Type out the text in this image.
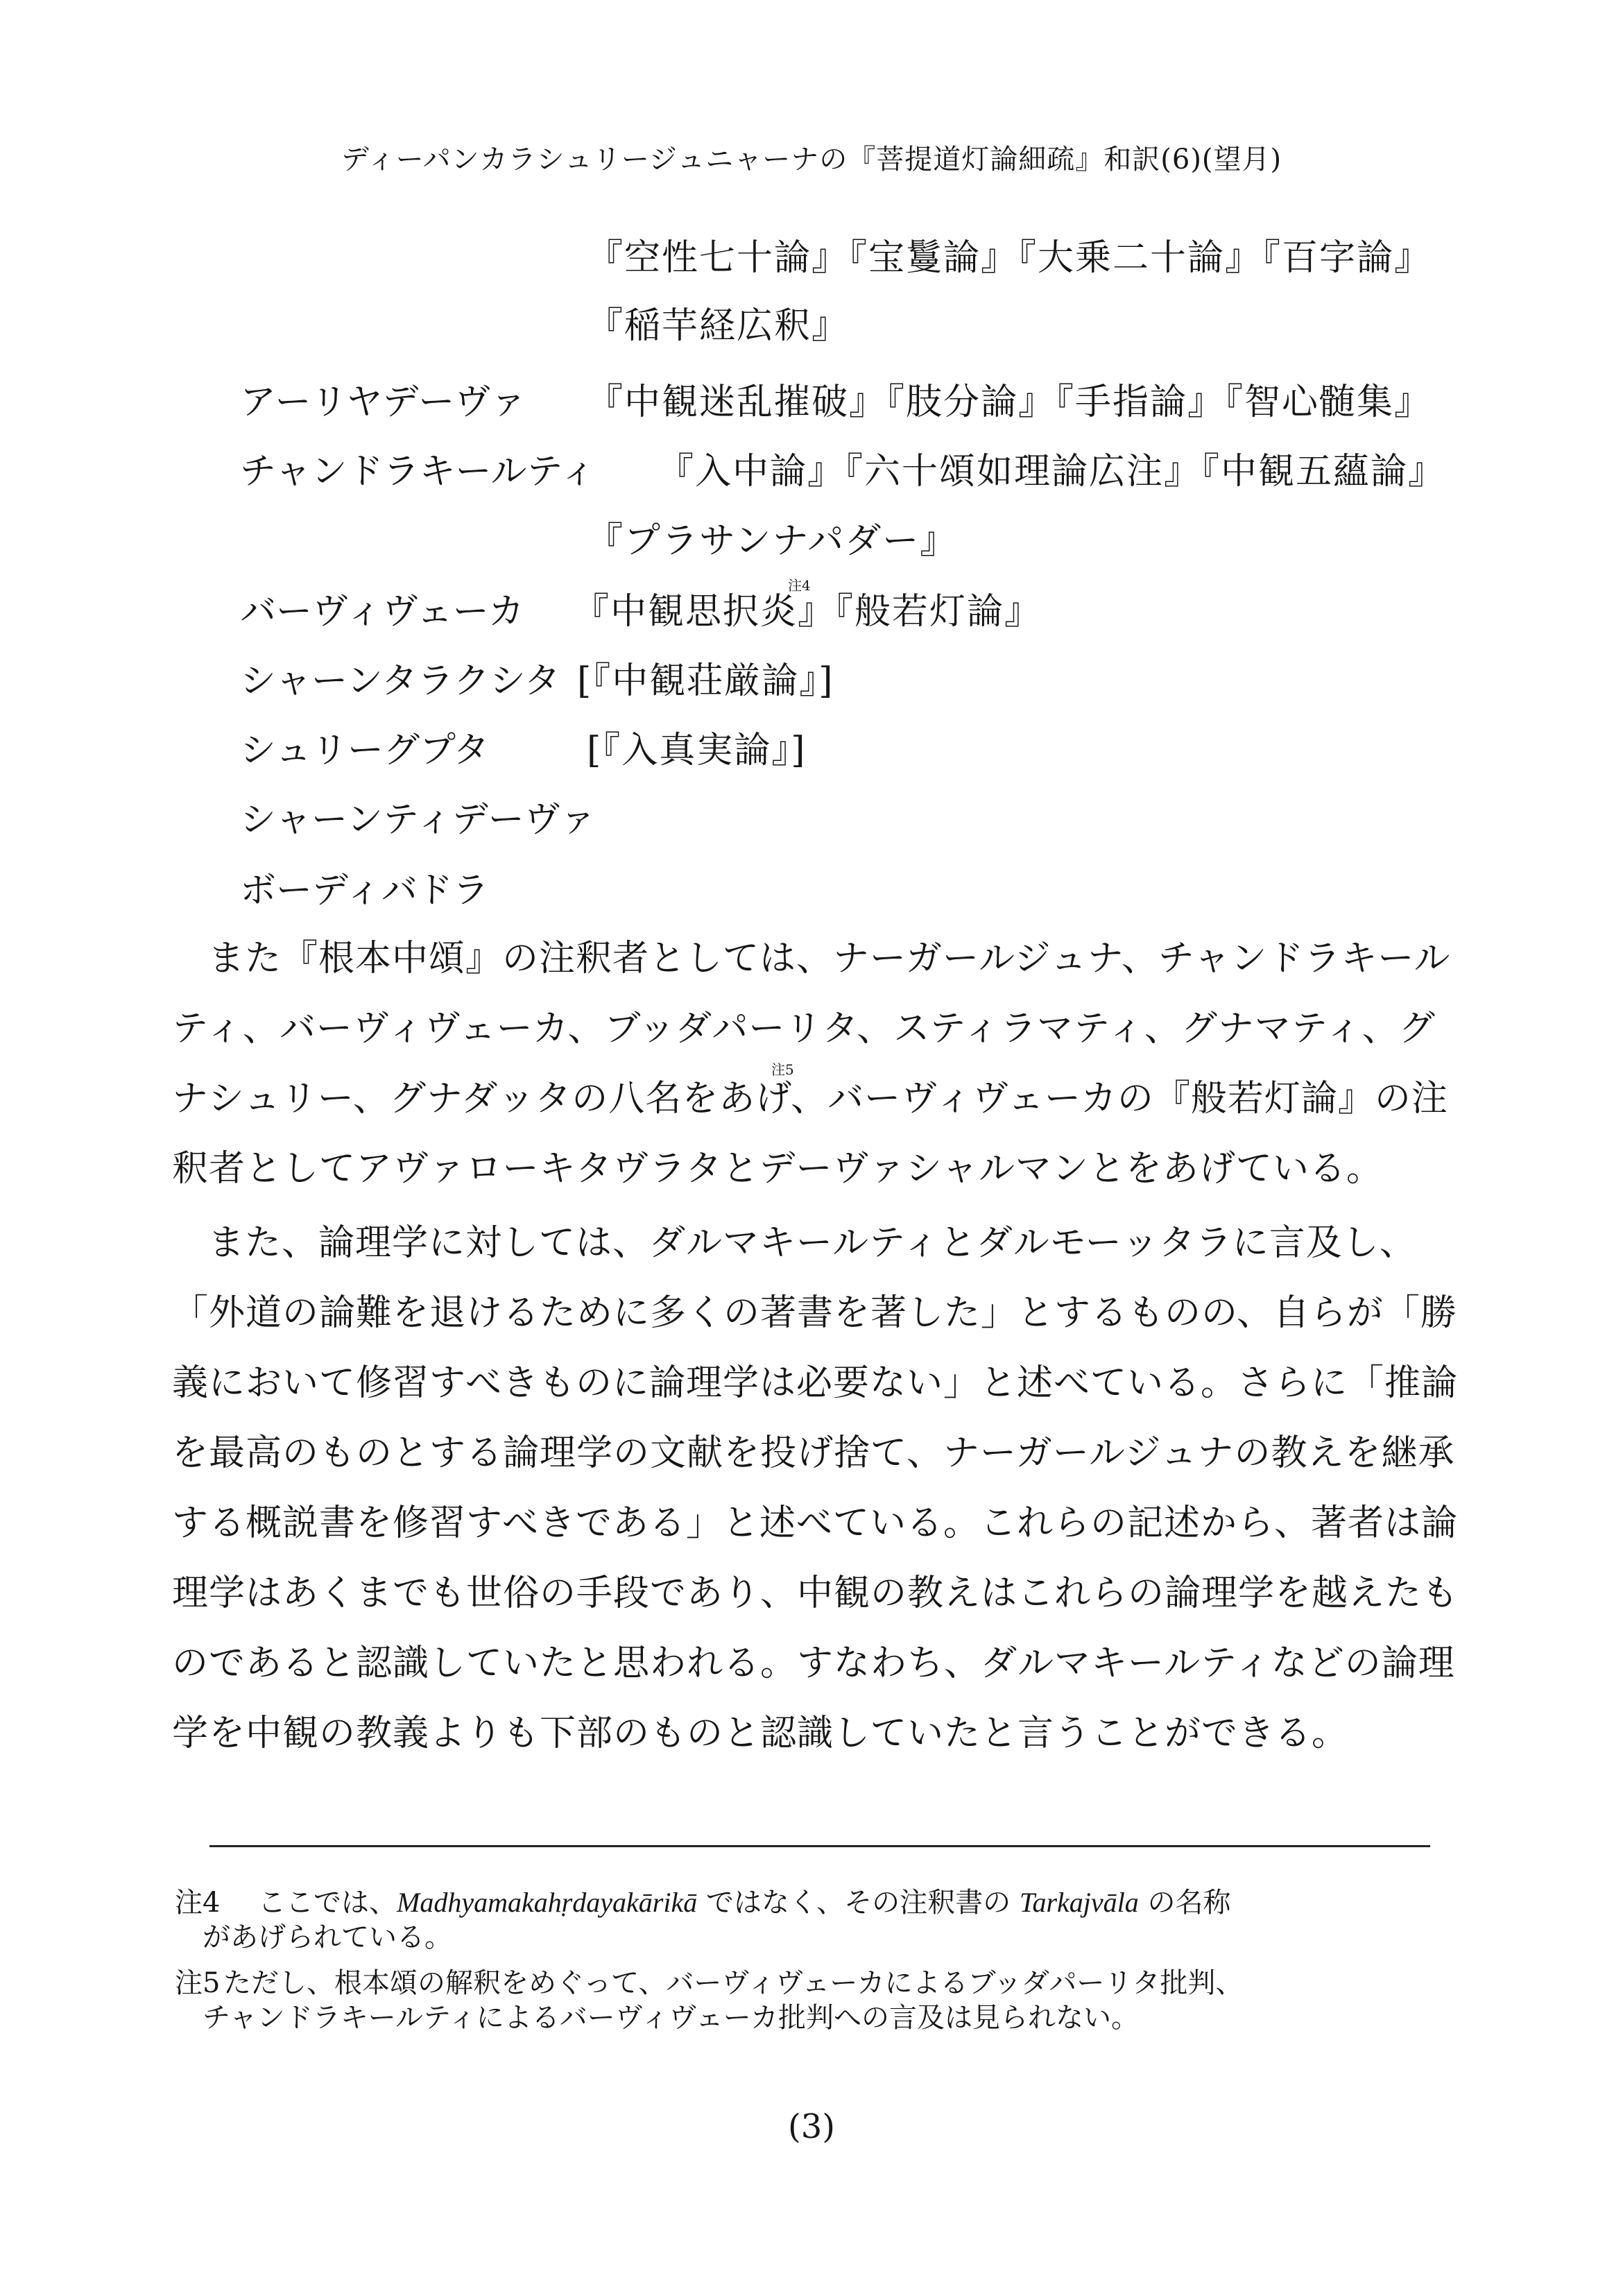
ディーパンカラシュリージュニャーナの『菩提道灯論細疏』和訳(6)(望月)
『空性七十論』『宝鬘論』『大乗二十論』『百字論』
『稲芉経広釈』
アーリヤデーヴァ 『中観迷乱摧破』『肢分論』『手指論』『智心髄集』
チャンドラキールティ 『入中論』『六十頌如理論広注』『中観五蘊論』
『プラサンナパダー』
バーヴィヴェーカ 『中観思択炎』『般若灯論』
注4
シャーンタラクシタ [『中観荘厳論』]
シュリーグプタ	[『入真実論』]
シャーンティデーヴァ
ボーディバドラ
また『根本中頌』の注釈者としては、ナーガールジュナ、チャンドラキール
ティ、バーヴィヴェーカ、ブッダパーリタ、スティラマティ、グナマティ、グ
ナシュリー、グナダッタの八名をあげ、バーヴィヴェーカの『般若灯論』の注
釈者としてアヴァローキタヴラタとデーヴァシャルマンとをあげている。
注5
また、論理学に対しては、ダルマキールティとダルモーッタラに言及し、
「外道の論難を退けるために多くの著書を著した」とするものの、自らが「勝
義において修習すべきものに論理学は必要ない」と述べている。さらに「推論
を最高のものとする論理学の文献を投げ捨て、ナーガールジュナの教えを継承
する概説書を修習すべきである」と述べている。これらの記述から、著者は論
理学はあくまでも世俗の手段であり、中観の教えはこれらの論理学を越えたも
のであると認識していたと思われる。すなわち、ダルマキールティなどの論理
学を中観の教義よりも下部のものと認識していたと言うことができる。
注4 ここでは、Madhyamakahṛdayakārikā ではなく、その注釈書の Tarkajvāla の名称
があげられている。
注5 ただし、根本頌の解釈をめぐって、バーヴィヴェーカによるブッダパーリタ批判、
チャンドラキールティによるバーヴィヴェーカ批判への言及は見られない。
(3)
